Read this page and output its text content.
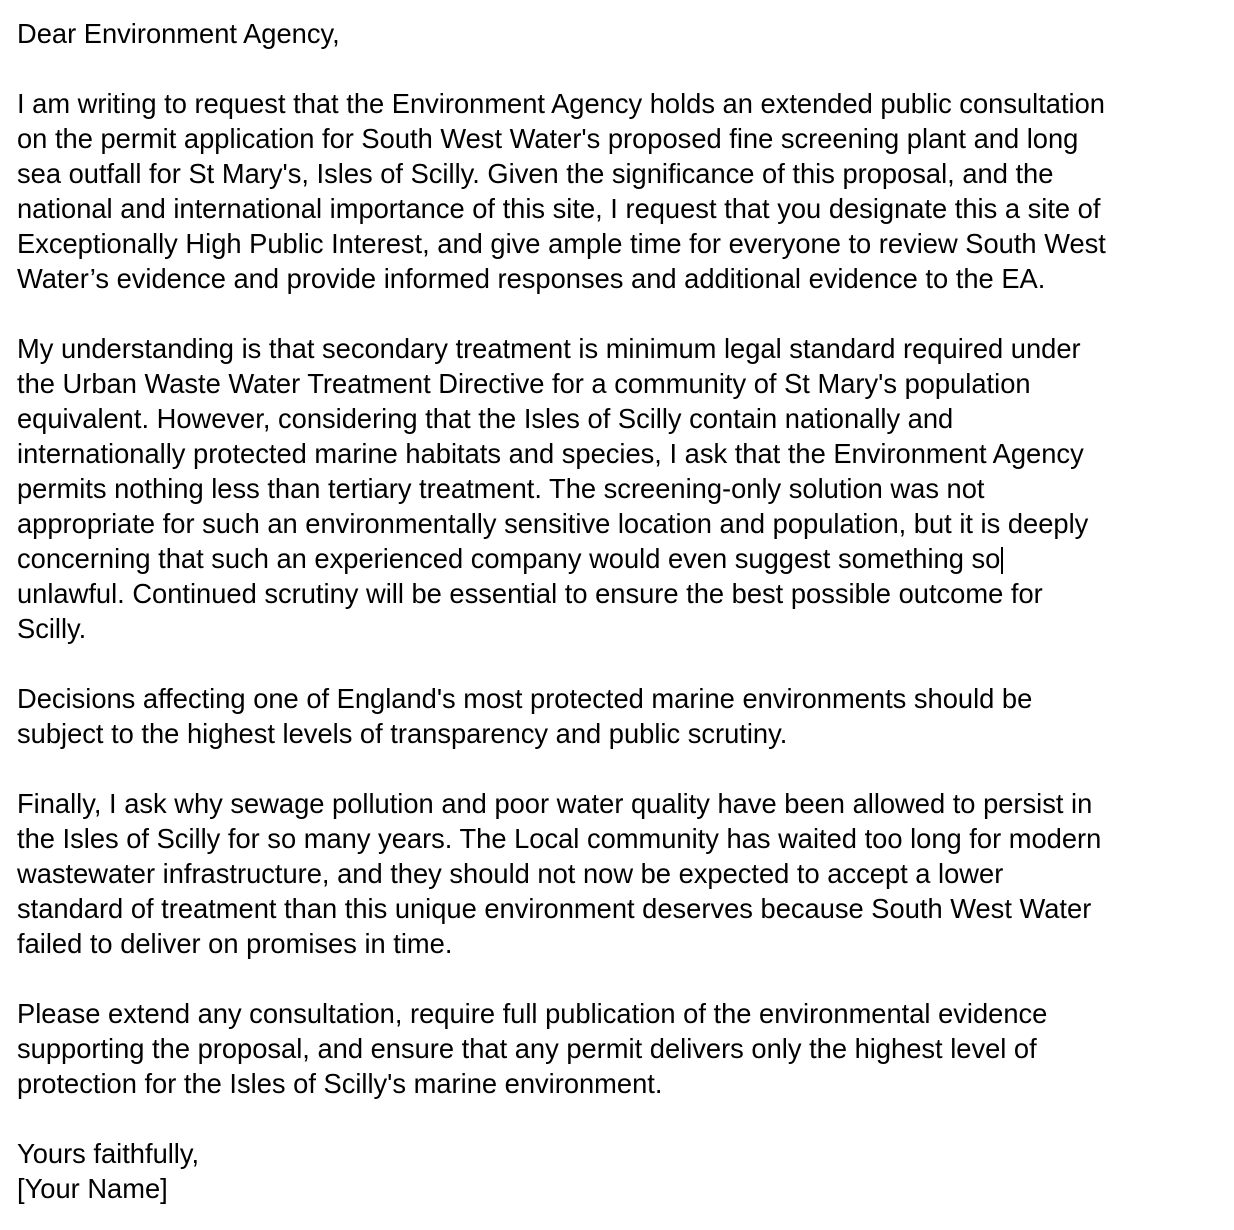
Dear Environment Agency,
I am writing to request that the Environment Agency holds an extended public consultation
on the permit application for South West Water's proposed fine screening plant and long
sea outfall for St Mary's, Isles of Scilly. Given the significance of this proposal, and the
national and international importance of this site, I request that you designate this a site of
Exceptionally High Public Interest, and give ample time for everyone to review South West
Water’s evidence and provide informed responses and additional evidence to the EA.
My understanding is that secondary treatment is minimum legal standard required under
the Urban Waste Water Treatment Directive for a community of St Mary's population
equivalent. However, considering that the Isles of Scilly contain nationally and
internationally protected marine habitats and species, I ask that the Environment Agency
permits nothing less than tertiary treatment. The screening-only solution was not
appropriate for such an environmentally sensitive location and population, but it is deeply
concerning that such an experienced company would even suggest something so
unlawful. Continued scrutiny will be essential to ensure the best possible outcome for
Scilly.
Decisions affecting one of England's most protected marine environments should be
subject to the highest levels of transparency and public scrutiny.
Finally, I ask why sewage pollution and poor water quality have been allowed to persist in
the Isles of Scilly for so many years. The Local community has waited too long for modern
wastewater infrastructure, and they should not now be expected to accept a lower
standard of treatment than this unique environment deserves because South West Water
failed to deliver on promises in time.
Please extend any consultation, require full publication of the environmental evidence
supporting the proposal, and ensure that any permit delivers only the highest level of
protection for the Isles of Scilly's marine environment.
Yours faithfully,
[Your Name]
